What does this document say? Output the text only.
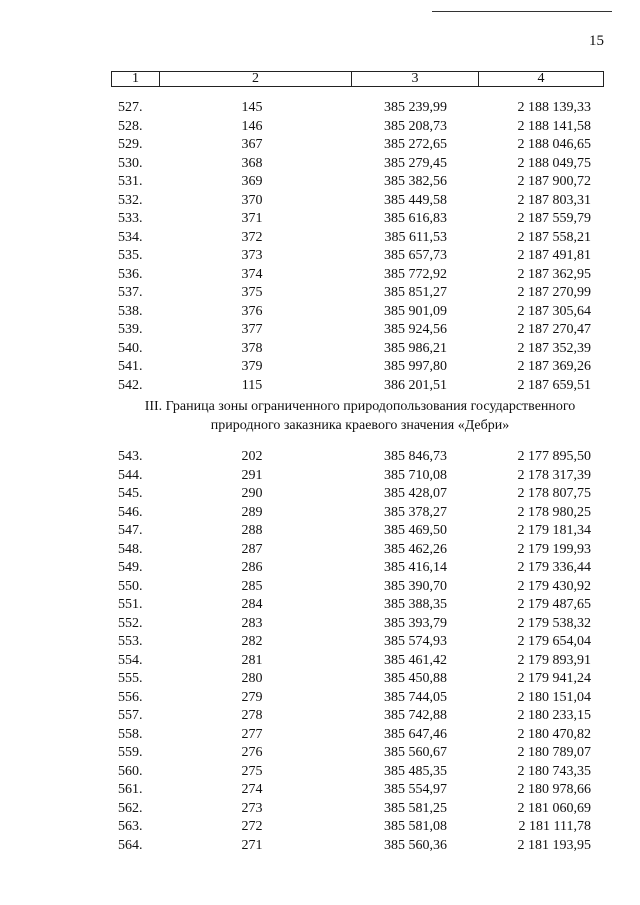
15
1	2	3	4
527.	145	385 239,99	2 188 139,33
528.	146	385 208,73	2 188 141,58
529.	367	385 272,65	2 188 046,65
530.	368	385 279,45	2 188 049,75
531.	369	385 382,56	2 187 900,72
532.	370	385 449,58	2 187 803,31
533.	371	385 616,83	2 187 559,79
534.	372	385 611,53	2 187 558,21
535.	373	385 657,73	2 187 491,81
536.	374	385 772,92	2 187 362,95
537.	375	385 851,27	2 187 270,99
538.	376	385 901,09	2 187 305,64
539.	377	385 924,56	2 187 270,47
540.	378	385 986,21	2 187 352,39
541.	379	385 997,80	2 187 369,26
542.	115	386 201,51	2 187 659,51
III. Граница зоны ограниченного природопользования государственного
природного заказника краевого значения «Дебри»
543.	202	385 846,73	2 177 895,50
544.	291	385 710,08	2 178 317,39
545.	290	385 428,07	2 178 807,75
546.	289	385 378,27	2 178 980,25
547.	288	385 469,50	2 179 181,34
548.	287	385 462,26	2 179 199,93
549.	286	385 416,14	2 179 336,44
550.	285	385 390,70	2 179 430,92
551.	284	385 388,35	2 179 487,65
552.	283	385 393,79	2 179 538,32
553.	282	385 574,93	2 179 654,04
554.	281	385 461,42	2 179 893,91
555.	280	385 450,88	2 179 941,24
556.	279	385 744,05	2 180 151,04
557.	278	385 742,88	2 180 233,15
558.	277	385 647,46	2 180 470,82
559.	276	385 560,67	2 180 789,07
560.	275	385 485,35	2 180 743,35
561.	274	385 554,97	2 180 978,66
562.	273	385 581,25	2 181 060,69
563.	272	385 581,08	2 181 111,78
564.	271	385 560,36	2 181 193,95
